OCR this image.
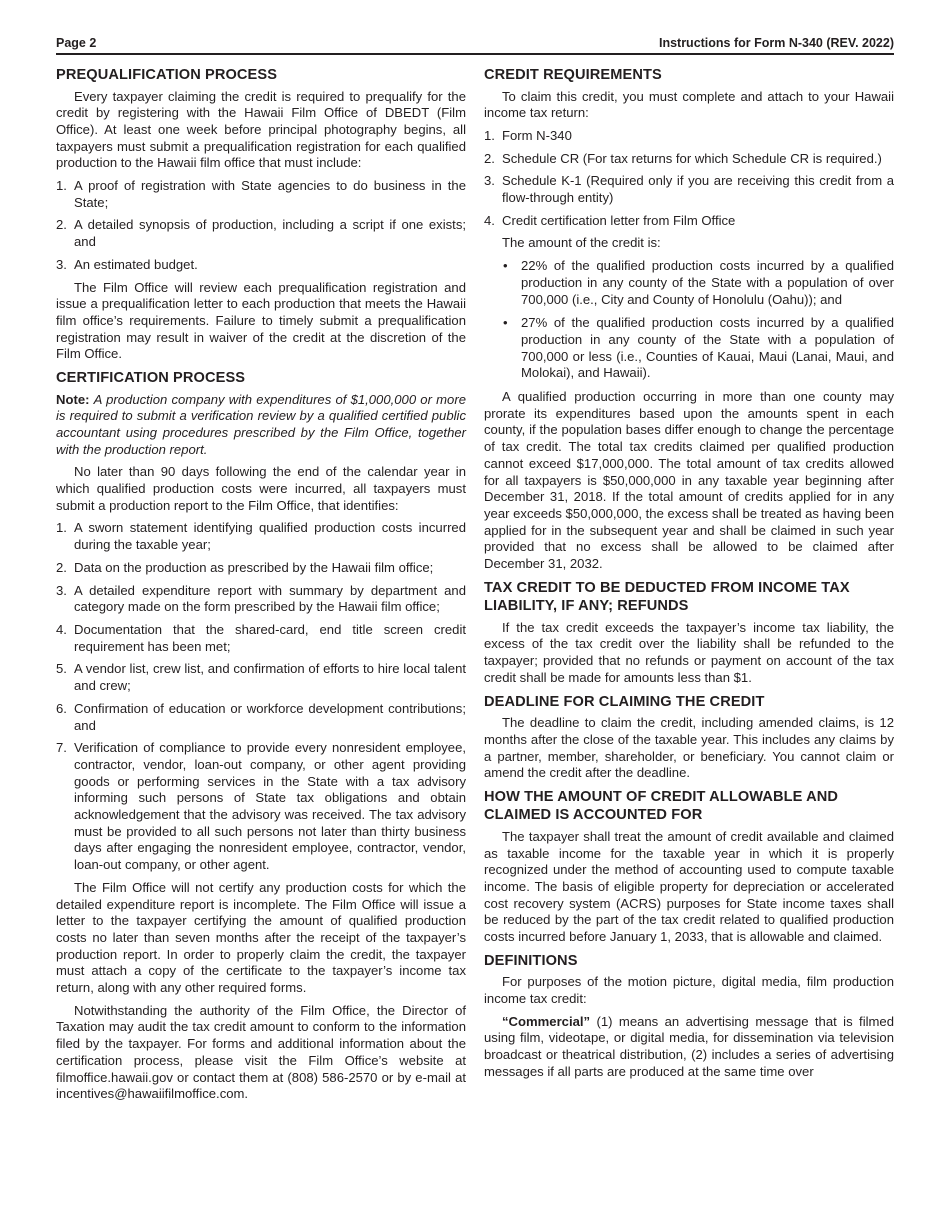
Page 2	Instructions for Form N-340 (REV. 2022)
PREQUALIFICATION PROCESS

Every taxpayer claiming the credit is required to prequalify for the credit by registering with the Hawaii Film Office of DBEDT (Film Office). At least one week before principal photography begins, all taxpayers must submit a prequalification registration for each qualified production to the Hawaii film office that must include:

1. A proof of registration with State agencies to do business in the State;
2. A detailed synopsis of production, including a script if one exists; and
3. An estimated budget.

The Film Office will review each prequalification registration and issue a prequalification letter to each production that meets the Hawaii film office’s requirements. Failure to timely submit a prequalification registration may result in waiver of the credit at the discretion of the Film Office.

CERTIFICATION PROCESS

Note: A production company with expenditures of $1,000,000 or more is required to submit a verification review by a qualified certified public accountant using procedures prescribed by the Film Office, together with the production report.

No later than 90 days following the end of the calendar year in which qualified production costs were incurred, all taxpayers must submit a production report to the Film Office, that identifies:

1. A sworn statement identifying qualified production costs incurred during the taxable year;
2. Data on the production as prescribed by the Hawaii film office;
3. A detailed expenditure report with summary by department and category made on the form prescribed by the Hawaii film office;
4. Documentation that the shared-card, end title screen credit requirement has been met;
5. A vendor list, crew list, and confirmation of efforts to hire local talent and crew;
6. Confirmation of education or workforce development contributions; and
7. Verification of compliance to provide every nonresident employee, contractor, vendor, loan-out company, or other agent providing goods or performing services in the State with a tax advisory informing such persons of State tax obligations and obtain acknowledgement that the advisory was received. The tax advisory must be provided to all such persons not later than thirty business days after engaging the nonresident employee, contractor, vendor, loan-out company, or other agent.

The Film Office will not certify any production costs for which the detailed expenditure report is incomplete. The Film Office will issue a letter to the taxpayer certifying the amount of qualified production costs no later than seven months after the receipt of the taxpayer’s production report. In order to properly claim the credit, the taxpayer must attach a copy of the certificate to the taxpayer’s income tax return, along with any other required forms.

Notwithstanding the authority of the Film Office, the Director of Taxation may audit the tax credit amount to conform to the information filed by the taxpayer. For forms and additional information about the certification process, please visit the Film Office’s website at filmoffice.hawaii.gov or contact them at (808) 586-2570 or by e-mail at incentives@hawaiifilmoffice.com.

CREDIT REQUIREMENTS

To claim this credit, you must complete and attach to your Hawaii income tax return:

1. Form N-340
2. Schedule CR (For tax returns for which Schedule CR is required.)
3. Schedule K-1 (Required only if you are receiving this credit from a flow-through entity)
4. Credit certification letter from Film Office

The amount of the credit is:

• 22% of the qualified production costs incurred by a qualified production in any county of the State with a population of over 700,000 (i.e., City and County of Honolulu (Oahu)); and
• 27% of the qualified production costs incurred by a qualified production in any county of the State with a population of 700,000 or less (i.e., Counties of Kauai, Maui (Lanai, Maui, and Molokai), and Hawaii).

A qualified production occurring in more than one county may prorate its expenditures based upon the amounts spent in each county, if the population bases differ enough to change the percentage of tax credit. The total tax credits claimed per qualified production cannot exceed $17,000,000. The total amount of tax credits allowed for all taxpayers is $50,000,000 in any taxable year beginning after December 31, 2018. If the total amount of credits applied for in any year exceeds $50,000,000, the excess shall be treated as having been applied for in the subsequent year and shall be claimed in such year provided that no excess shall be allowed to be claimed after December 31, 2032.

TAX CREDIT TO BE DEDUCTED FROM INCOME TAX LIABILITY, IF ANY; REFUNDS

If the tax credit exceeds the taxpayer’s income tax liability, the excess of the tax credit over the liability shall be refunded to the taxpayer; provided that no refunds or payment on account of the tax credit shall be made for amounts less than $1.

DEADLINE FOR CLAIMING THE CREDIT

The deadline to claim the credit, including amended claims, is 12 months after the close of the taxable year. This includes any claims by a partner, member, shareholder, or beneficiary. You cannot claim or amend the credit after the deadline.

HOW THE AMOUNT OF CREDIT ALLOWABLE AND CLAIMED IS ACCOUNTED FOR

The taxpayer shall treat the amount of credit available and claimed as taxable income for the taxable year in which it is properly recognized under the method of accounting used to compute taxable income. The basis of eligible property for depreciation or accelerated cost recovery system (ACRS) purposes for State income taxes shall be reduced by the part of the tax credit related to qualified production costs incurred before January 1, 2033, that is allowable and claimed.

DEFINITIONS

For purposes of the motion picture, digital media, film production income tax credit:

“Commercial” (1) means an advertising message that is filmed using film, videotape, or digital media, for dissemination via television broadcast or theatrical distribution, (2) includes a series of advertising messages if all parts are produced at the same time over
